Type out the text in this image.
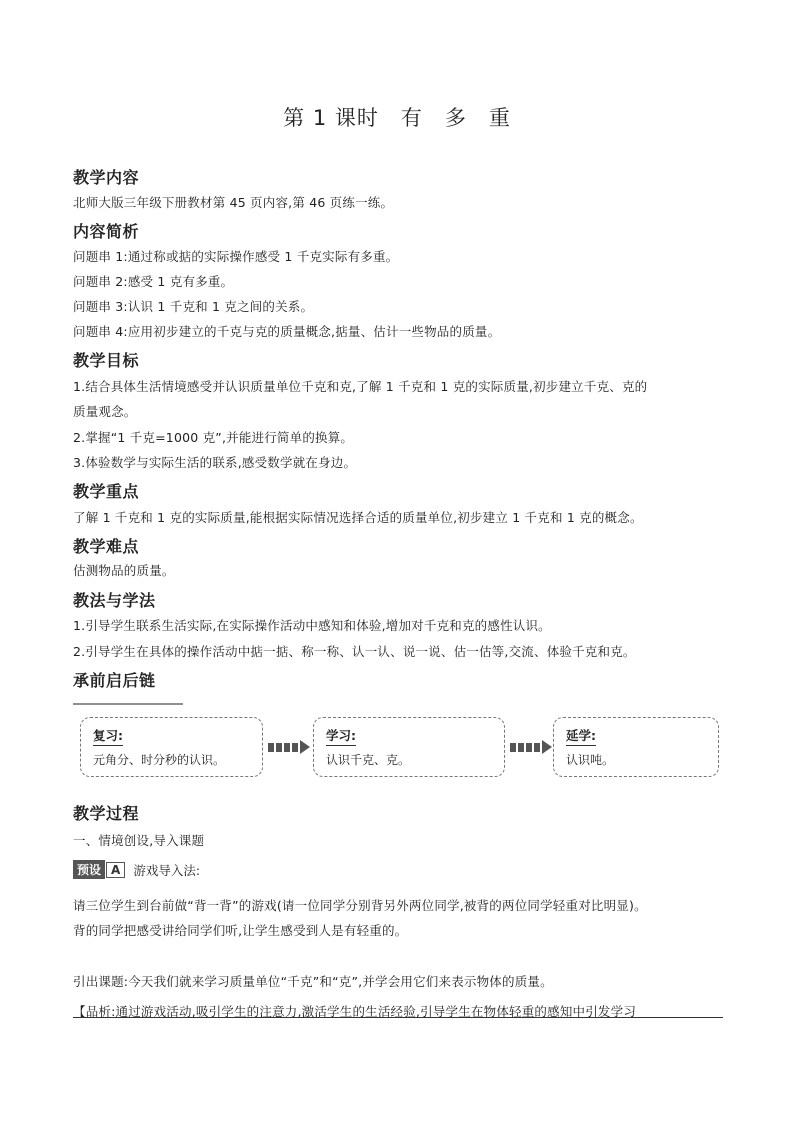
第 1 课时　有　多　重
教学内容
北师大版三年级下册教材第 45 页内容,第 46 页练一练。
内容简析
问题串 1:通过称或掂的实际操作感受 1 千克实际有多重。
问题串 2:感受 1 克有多重。
问题串 3:认识 1 千克和 1 克之间的关系。
问题串 4:应用初步建立的千克与克的质量概念,掂量、估计一些物品的质量。
教学目标
1.结合具体生活情境感受并认识质量单位千克和克,了解 1 千克和 1 克的实际质量,初步建立千克、克的
质量观念。
2.掌握“1 千克=1000 克”,并能进行简单的换算。
3.体验数学与实际生活的联系,感受数学就在身边。
教学重点
了解 1 千克和 1 克的实际质量,能根据实际情况选择合适的质量单位,初步建立 1 千克和 1 克的概念。
教学难点
估测物品的质量。
教法与学法
1.引导学生联系生活实际,在实际操作活动中感知和体验,增加对千克和克的感性认识。
2.引导学生在具体的操作活动中掂一掂、称一称、认一认、说一说、估一估等,交流、体验千克和克。
承前启后链
复习:
元角分、时分秒的认识。
学习:
认识千克、克。
延学:
认识吨。
教学过程
一、情境创设,导入课题
预设 A	游戏导入法:
请三位学生到台前做“背一背”的游戏(请一位同学分别背另外两位同学,被背的两位同学轻重对比明显)。
背的同学把感受讲给同学们听,让学生感受到人是有轻重的。
引出课题:今天我们就来学习质量单位“千克”和“克”,并学会用它们来表示物体的质量。
【品析:通过游戏活动,吸引学生的注意力,激活学生的生活经验,引导学生在物体轻重的感知中引发学习
